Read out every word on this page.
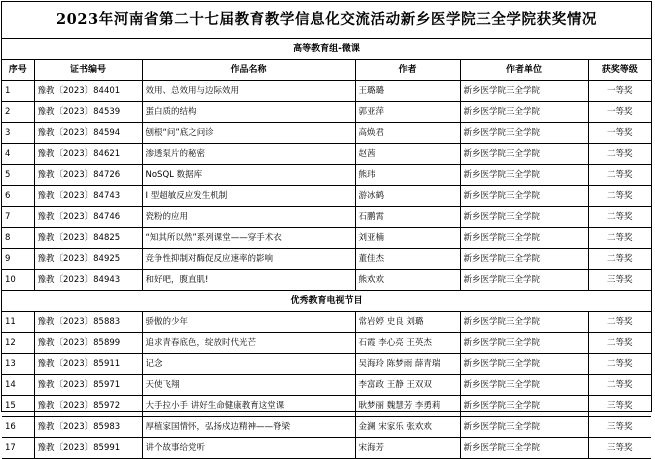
2023年河南省第二十七届教育教学信息化交流活动新乡医学院三全学院获奖情况
高等教育组-微课					
序号	证书编号	作品名称	作者	作者单位	获奖等级
1	豫教〔2023〕84401	效用、总效用与边际效用	王璐璐	新乡医学院三全学院	一等奖
2	豫教〔2023〕84539	蛋白质的结构	郭亚萍	新乡医学院三全学院	一等奖
3	豫教〔2023〕84594	刨根“问”底之问诊	高焕君	新乡医学院三全学院	一等奖
4	豫教〔2023〕84621	渗透泵片的秘密	赵茜	新乡医学院三全学院	二等奖
5	豫教〔2023〕84726	NoSQL 数据库	熊玮	新乡医学院三全学院	二等奖
6	豫教〔2023〕84743	I 型超敏反应发生机制	游冰鹤	新乡医学院三全学院	二等奖
7	豫教〔2023〕84746	瓷粉的应用	石鹏霄	新乡医学院三全学院	二等奖
8	豫教〔2023〕84825	“知其所以然”系列课堂——穿手术衣	刘亚楠	新乡医学院三全学院	二等奖
9	豫教〔2023〕84925	竞争性抑制对酶促反应速率的影响	董佳杰	新乡医学院三全学院	二等奖
10	豫教〔2023〕84943	和好吧，腹直肌!	熊欢欢	新乡医学院三全学院	三等奖
优秀教育电视节目					
11	豫教〔2023〕85883	骄傲的少年	常岩婷 史良 刘璐	新乡医学院三全学院	二等奖
12	豫教〔2023〕85899	追求青春底色，绽放时代光芒	石霞 李心亮 王英杰	新乡医学院三全学院	二等奖
13	豫教〔2023〕85911	记念	吴海玲 陈梦雨 薛青瑞	新乡医学院三全学院	二等奖
14	豫教〔2023〕85971	天使飞翔	李富政 王静 王双双	新乡医学院三全学院	二等奖
15	豫教〔2023〕85972	大手拉小手 讲好生命健康教育这堂课	耿梦丽 魏慧芳 李勇莉	新乡医学院三全学院	三等奖
16	豫教〔2023〕85983	厚植家国情怀，弘扬戍边精神——脊梁	金澜 宋家乐 张欢欢	新乡医学院三全学院	三等奖
17	豫教〔2023〕85991	讲个故事给党听	宋海芳	新乡医学院三全学院	三等奖
